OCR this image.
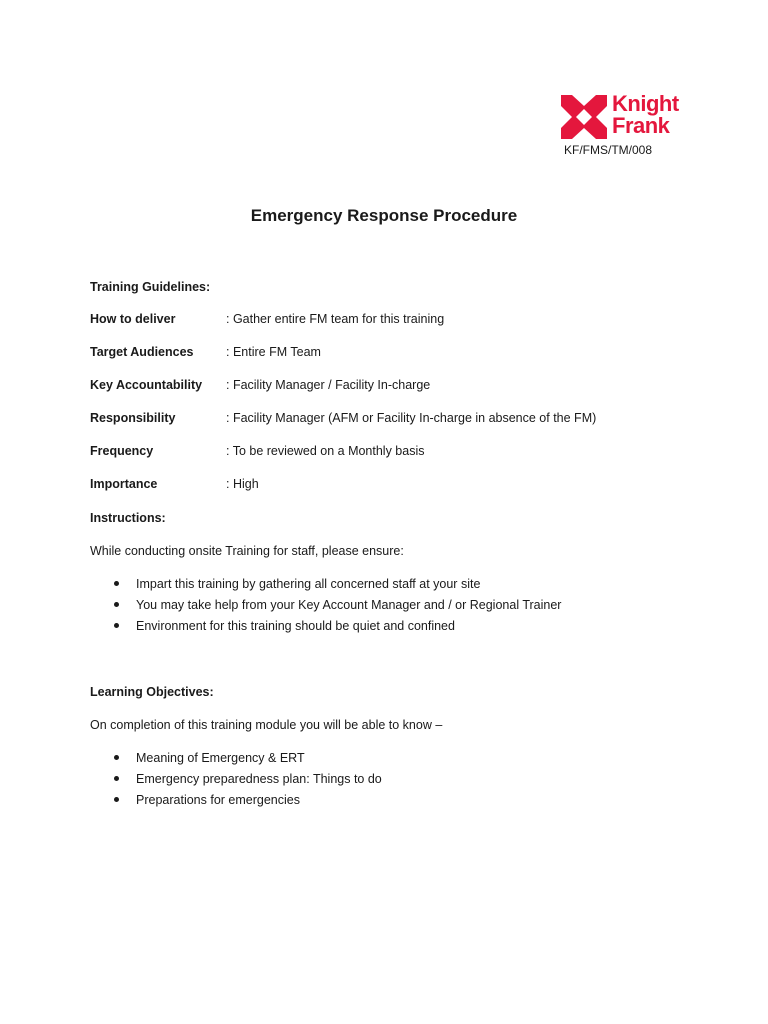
Knight
Frank
KF/FMS/TM/008
Emergency Response Procedure
Training Guidelines:
How to deliver	: Gather entire FM team for this training
Target Audiences	: Entire FM Team
Key Accountability : Facility Manager / Facility In-charge
Responsibility	: Facility Manager (AFM or Facility In-charge in absence of the FM)
Frequency	: To be reviewed on a Monthly basis
Importance	: High
Instructions:
While conducting onsite Training for staff, please ensure:
Impart this training by gathering all concerned staff at your site
You may take help from your Key Account Manager and / or Regional Trainer
Environment for this training should be quiet and confined
Learning Objectives:
On completion of this training module you will be able to know –
Meaning of Emergency & ERT
Emergency preparedness plan: Things to do
Preparations for emergencies
